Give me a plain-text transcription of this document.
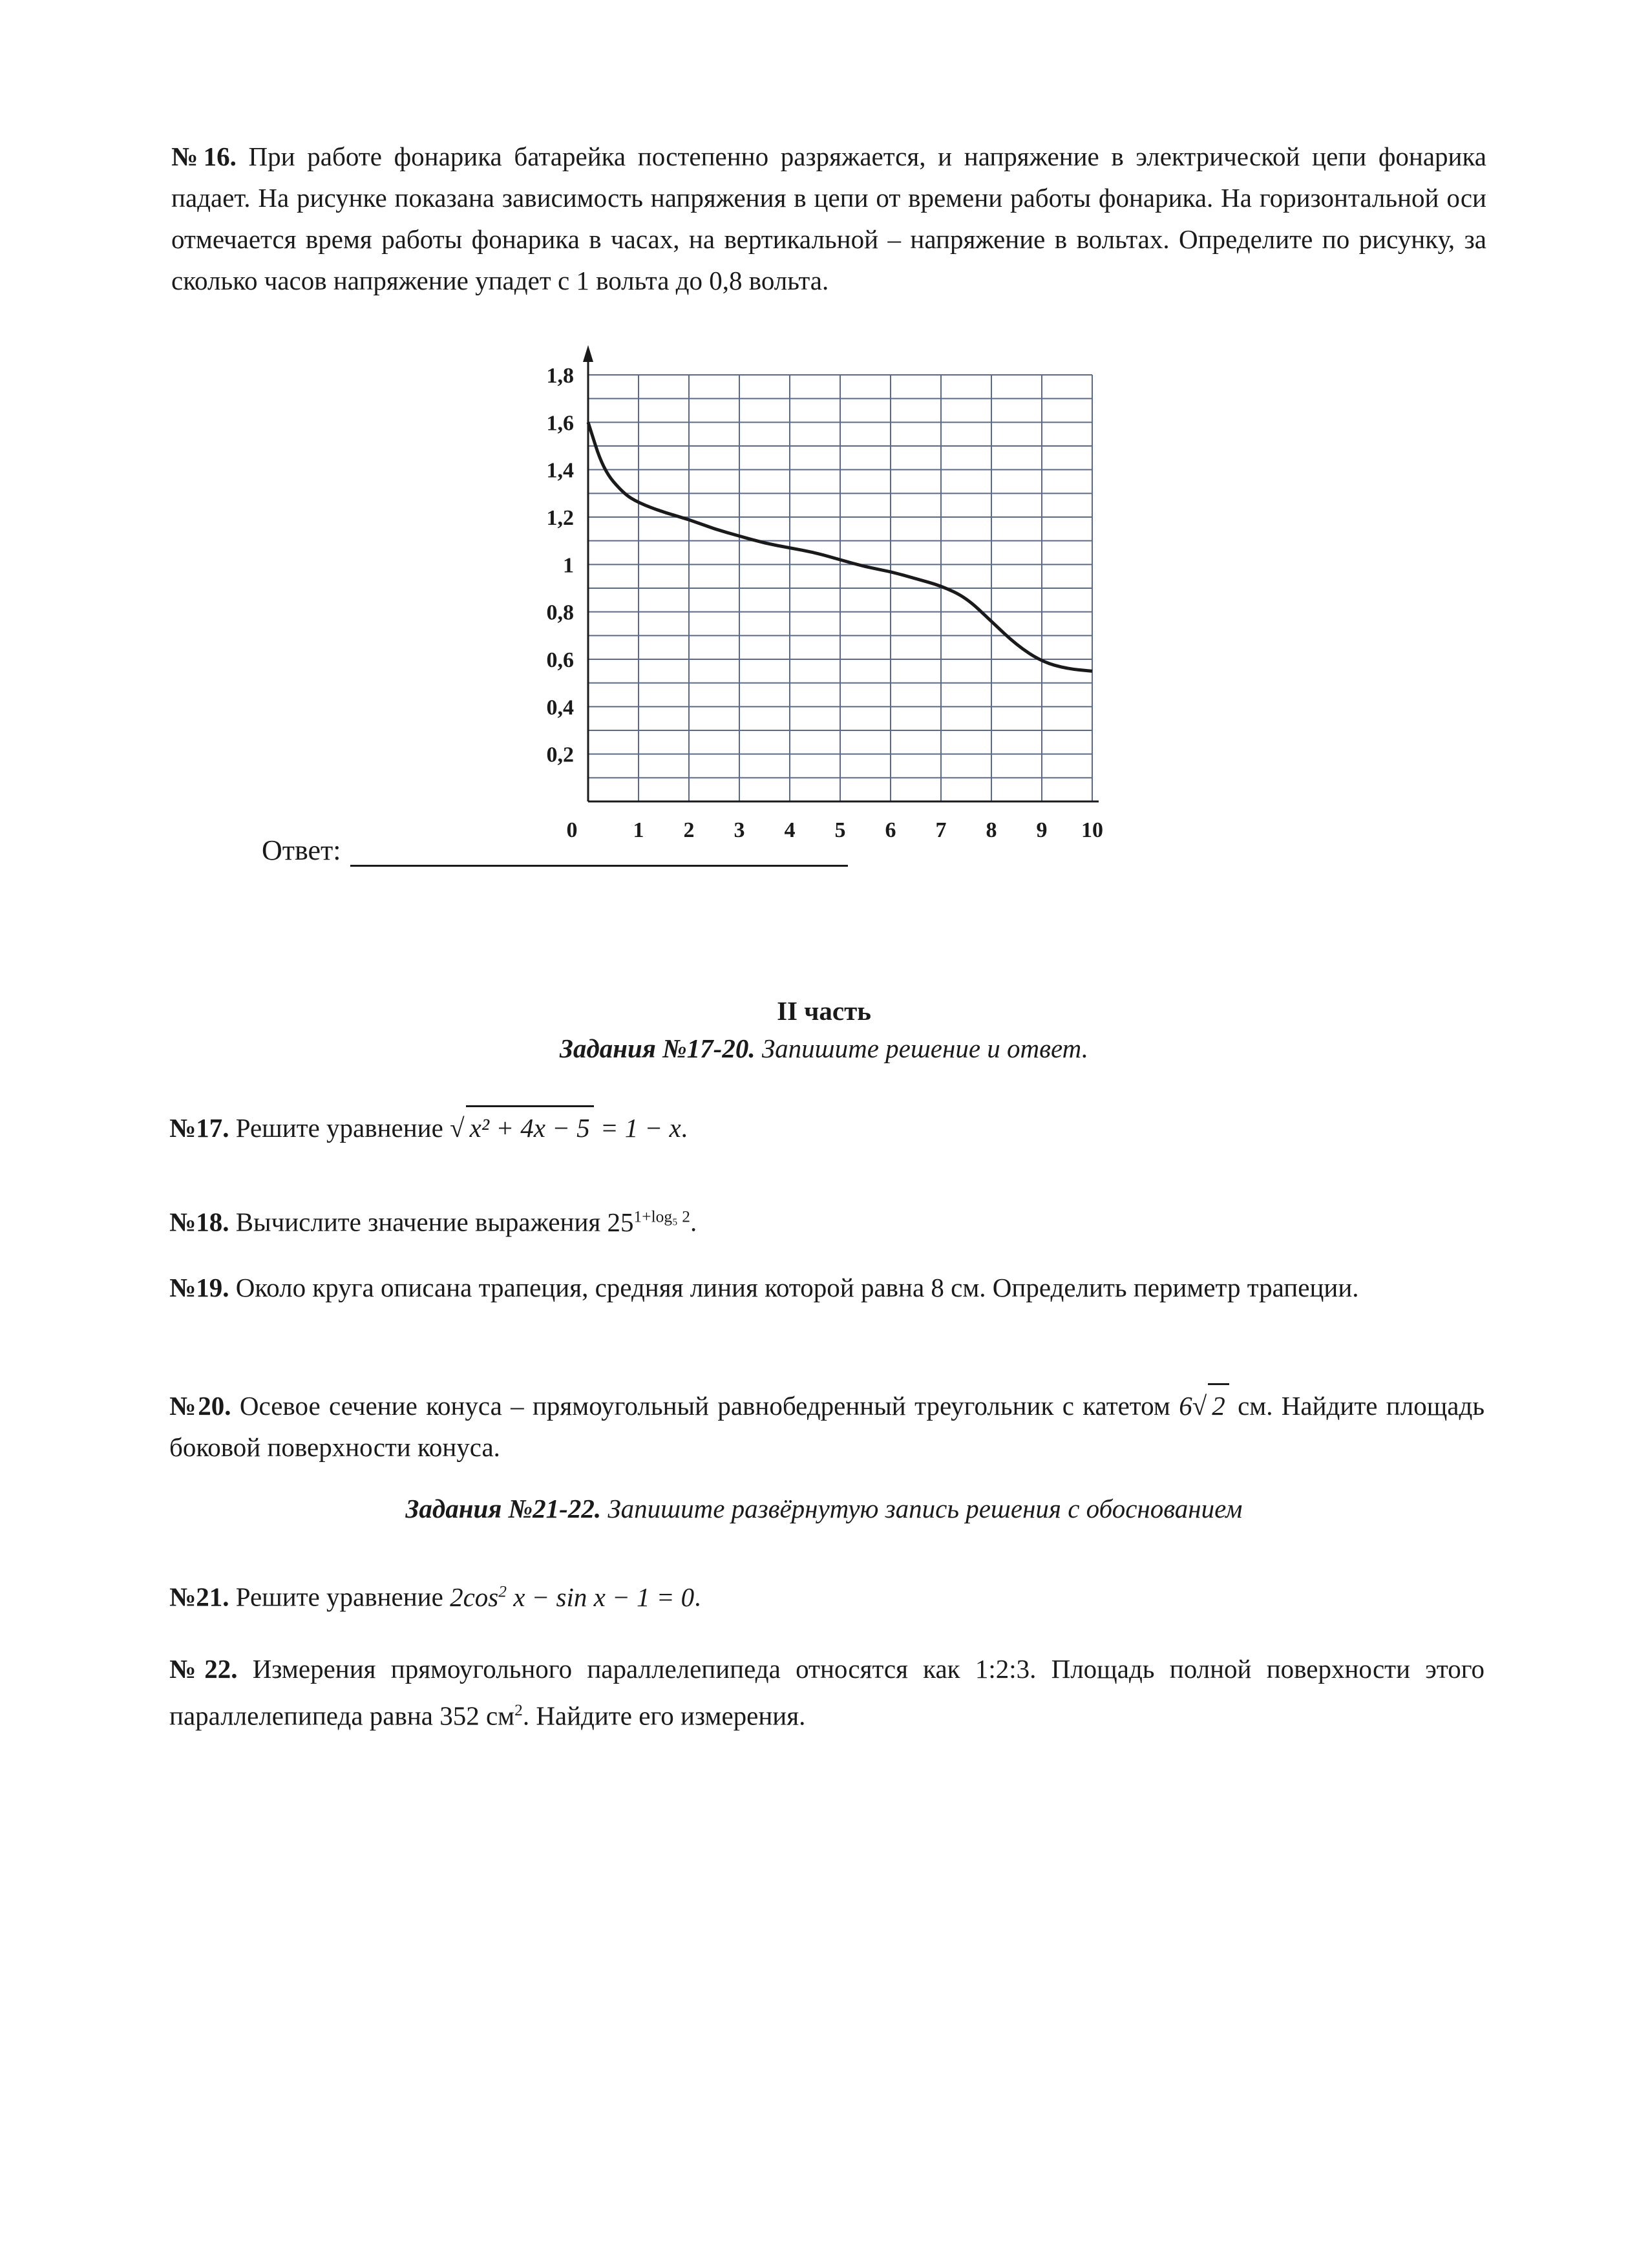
№16. При работе фонарика батарейка постепенно разряжается, и напряжение в электрической цепи фонарика падает. На рисунке показана зависимость напряжения в цепи от времени работы фонарика. На горизонтальной оси отмечается время работы фонарика в часах, на вертикальной – напряжение в вольтах. Определите по рисунку, за сколько часов напряжение упадет с 1 вольта до 0,8 вольта.
0	1 2 3 4 5 6 7 8 9 10
0,2
0,4
0,6
0,8
1
1,2
1,4
1,6
1,8
Ответ:
II часть
Задания №17-20. Запишите решение и ответ.
№17. Решите уравнение √ x² + 4x − 5 = 1 − x.
№18. Вычислите значение выражения $25^{1+log_5 2}$.
№19. Около круга описана трапеция, средняя линия которой равна 8 см. Определить периметр трапеции.
№20. Осевое сечение конуса – прямоугольный равнобедренный треугольник с катетом 6√ 2 см. Найдите площадь боковой поверхности конуса.
Задания №21-22. Запишите развёрнутую запись решения с обоснованием
№21. Решите уравнение $2\cos^2$ x − sin x − 1 = 0.
№22. Измерения прямоугольного параллелепипеда относятся как 1:2:3. Площадь полной поверхности этого параллелепипеда равна 352 $см^2$. Найдите его измерения.
